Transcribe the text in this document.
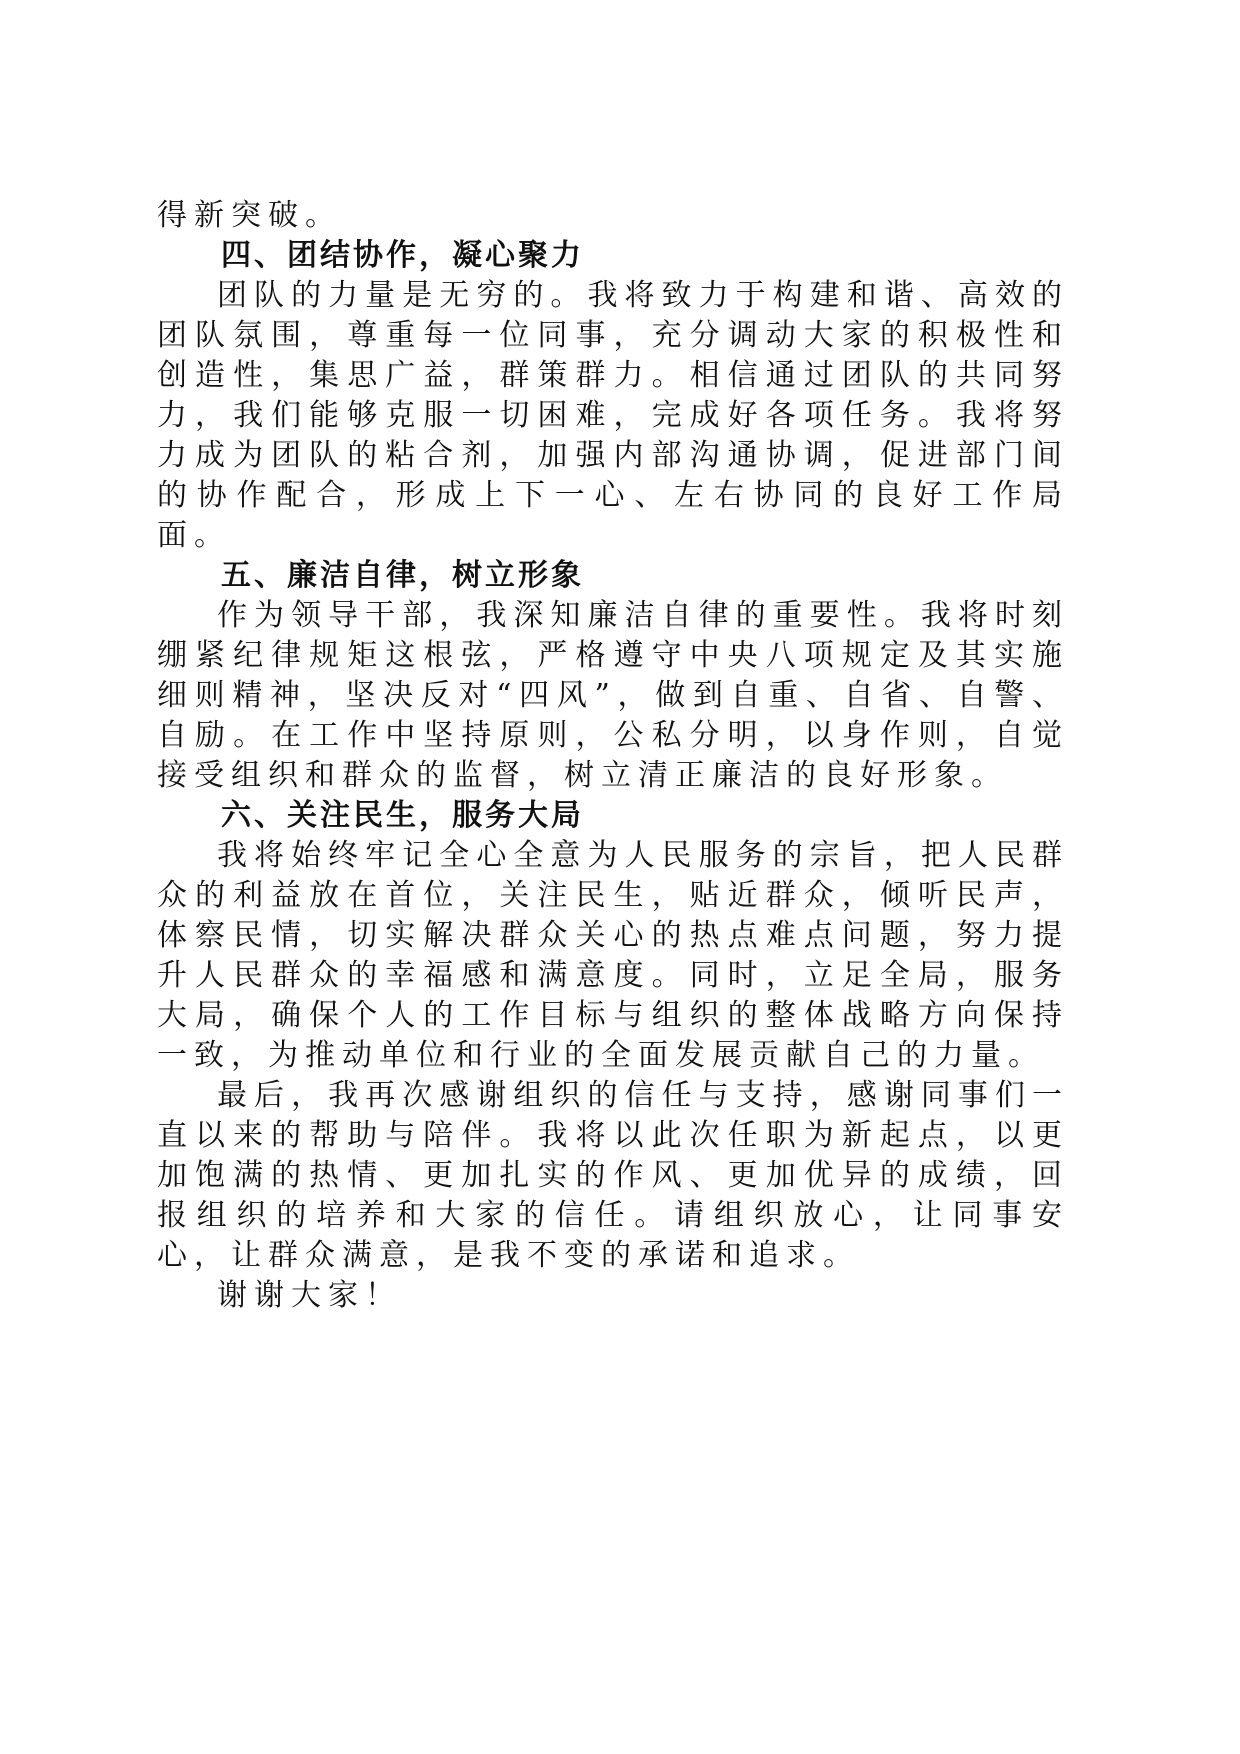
得新突破。

四、团结协作，凝心聚力

团队的力量是无穷的。我将致力于构建和谐、高效的团队氛围，尊重每一位同事，充分调动大家的积极性和创造性，集思广益，群策群力。相信通过团队的共同努力，我们能够克服一切困难，完成好各项任务。我将努力成为团队的粘合剂，加强内部沟通协调，促进部门间的协作配合，形成上下一心、左右协同的良好工作局面。

五、廉洁自律，树立形象

作为领导干部，我深知廉洁自律的重要性。我将时刻绷紧纪律规矩这根弦，严格遵守中央八项规定及其实施细则精神，坚决反对“四风”，做到自重、自省、自警、自励。在工作中坚持原则，公私分明，以身作则，自觉接受组织和群众的监督，树立清正廉洁的良好形象。

六、关注民生，服务大局

我将始终牢记全心全意为人民服务的宗旨，把人民群众的利益放在首位，关注民生，贴近群众，倾听民声，体察民情，切实解决群众关心的热点难点问题，努力提升人民群众的幸福感和满意度。同时，立足全局，服务大局，确保个人的工作目标与组织的整体战略方向保持一致，为推动单位和行业的全面发展贡献自己的力量。

最后，我再次感谢组织的信任与支持，感谢同事们一直以来的帮助与陪伴。我将以此次任职为新起点，以更加饱满的热情、更加扎实的作风、更加优异的成绩，回报组织的培养和大家的信任。请组织放心，让同事安心，让群众满意，是我不变的承诺和追求。

谢谢大家！
